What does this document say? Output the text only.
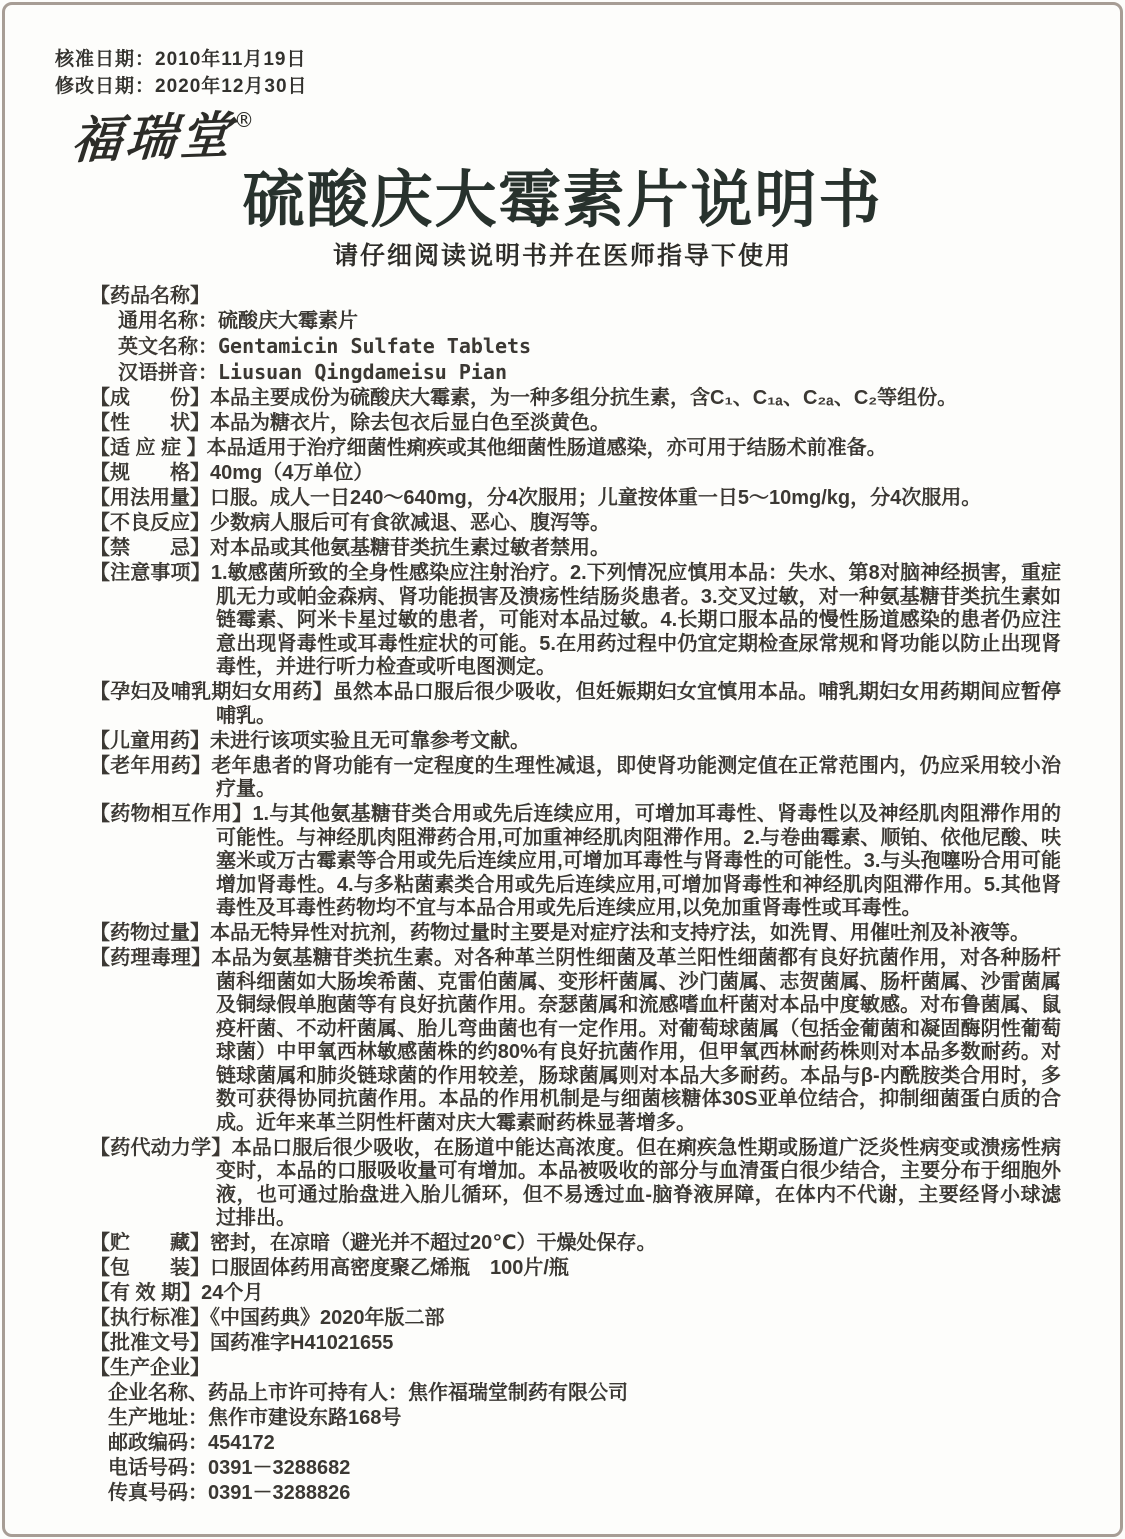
核准日期：2010年11月19日
修改日期：2020年12月30日
福瑞堂®
硫酸庆大霉素片说明书
请仔细阅读说明书并在医师指导下使用
【药品名称】
通用名称：硫酸庆大霉素片
英文名称：Gentamicin Sulfate Tablets
汉语拼音：Liusuan Qingdameisu Pian
【成　　份】本品主要成份为硫酸庆大霉素，为一种多组分抗生素，含C₁、C₁ₐ、C₂ₐ、C₂等组份。
【性　　状】本品为糖衣片，除去包衣后显白色至淡黄色。
【适 应 症 】本品适用于治疗细菌性痢疾或其他细菌性肠道感染，亦可用于结肠术前准备。
【规　　格】40mg（4万单位）
【用法用量】口服。成人一日240～640mg，分4次服用；儿童按体重一日5～10mg/kg，分4次服用。
【不良反应】少数病人服后可有食欲减退、恶心、腹泻等。
【禁　　忌】对本品或其他氨基糖苷类抗生素过敏者禁用。
【注意事项】1.敏感菌所致的全身性感染应注射治疗。2.下列情况应慎用本品：失水、第8对脑神经损害，重症肌无力或帕金森病、肾功能损害及溃疡性结肠炎患者。3.交叉过敏，对一种氨基糖苷类抗生素如链霉素、阿米卡星过敏的患者，可能对本品过敏。4.长期口服本品的慢性肠道感染的患者仍应注意出现肾毒性或耳毒性症状的可能。5.在用药过程中仍宜定期检查尿常规和肾功能以防止出现肾毒性，并进行听力检查或听电图测定。
【孕妇及哺乳期妇女用药】虽然本品口服后很少吸收，但妊娠期妇女宜慎用本品。哺乳期妇女用药期间应暂停哺乳。
【儿童用药】未进行该项实验且无可靠参考文献。
【老年用药】老年患者的肾功能有一定程度的生理性减退，即使肾功能测定值在正常范围内，仍应采用较小治疗量。
【药物相互作用】1.与其他氨基糖苷类合用或先后连续应用，可增加耳毒性、肾毒性以及神经肌肉阻滞作用的可能性。与神经肌肉阻滞药合用,可加重神经肌肉阻滞作用。2.与卷曲霉素、顺铂、依他尼酸、呋塞米或万古霉素等合用或先后连续应用,可增加耳毒性与肾毒性的可能性。3.与头孢噻吩合用可能增加肾毒性。4.与多粘菌素类合用或先后连续应用,可增加肾毒性和神经肌肉阻滞作用。5.其他肾毒性及耳毒性药物均不宜与本品合用或先后连续应用,以免加重肾毒性或耳毒性。
【药物过量】本品无特异性对抗剂，药物过量时主要是对症疗法和支持疗法，如洗胃、用催吐剂及补液等。
【药理毒理】本品为氨基糖苷类抗生素。对各种革兰阴性细菌及革兰阳性细菌都有良好抗菌作用，对各种肠杆菌科细菌如大肠埃希菌、克雷伯菌属、变形杆菌属、沙门菌属、志贺菌属、肠杆菌属、沙雷菌属及铜绿假单胞菌等有良好抗菌作用。奈瑟菌属和流感嗜血杆菌对本品中度敏感。对布鲁菌属、鼠疫杆菌、不动杆菌属、胎儿弯曲菌也有一定作用。对葡萄球菌属（包括金葡菌和凝固酶阴性葡萄球菌）中甲氧西林敏感菌株的约80%有良好抗菌作用，但甲氧西林耐药株则对本品多数耐药。对链球菌属和肺炎链球菌的作用较差，肠球菌属则对本品大多耐药。本品与β-内酰胺类合用时，多数可获得协同抗菌作用。本品的作用机制是与细菌核糖体30S亚单位结合，抑制细菌蛋白质的合成。近年来革兰阴性杆菌对庆大霉素耐药株显著增多。
【药代动力学】本品口服后很少吸收，在肠道中能达高浓度。但在痢疾急性期或肠道广泛炎性病变或溃疡性病变时，本品的口服吸收量可有增加。本品被吸收的部分与血清蛋白很少结合，主要分布于细胞外液，也可通过胎盘进入胎儿循环，但不易透过血-脑脊液屏障，在体内不代谢，主要经肾小球滤过排出。
【贮　　藏】密封，在凉暗（避光并不超过20℃）干燥处保存。
【包　　装】口服固体药用高密度聚乙烯瓶　100片/瓶
【有 效 期】24个月
【执行标准】《中国药典》2020年版二部
【批准文号】国药准字H41021655
【生产企业】
企业名称、药品上市许可持有人：焦作福瑞堂制药有限公司
生产地址：焦作市建设东路168号
邮政编码：454172
电话号码：0391－3288682
传真号码：0391－3288826
